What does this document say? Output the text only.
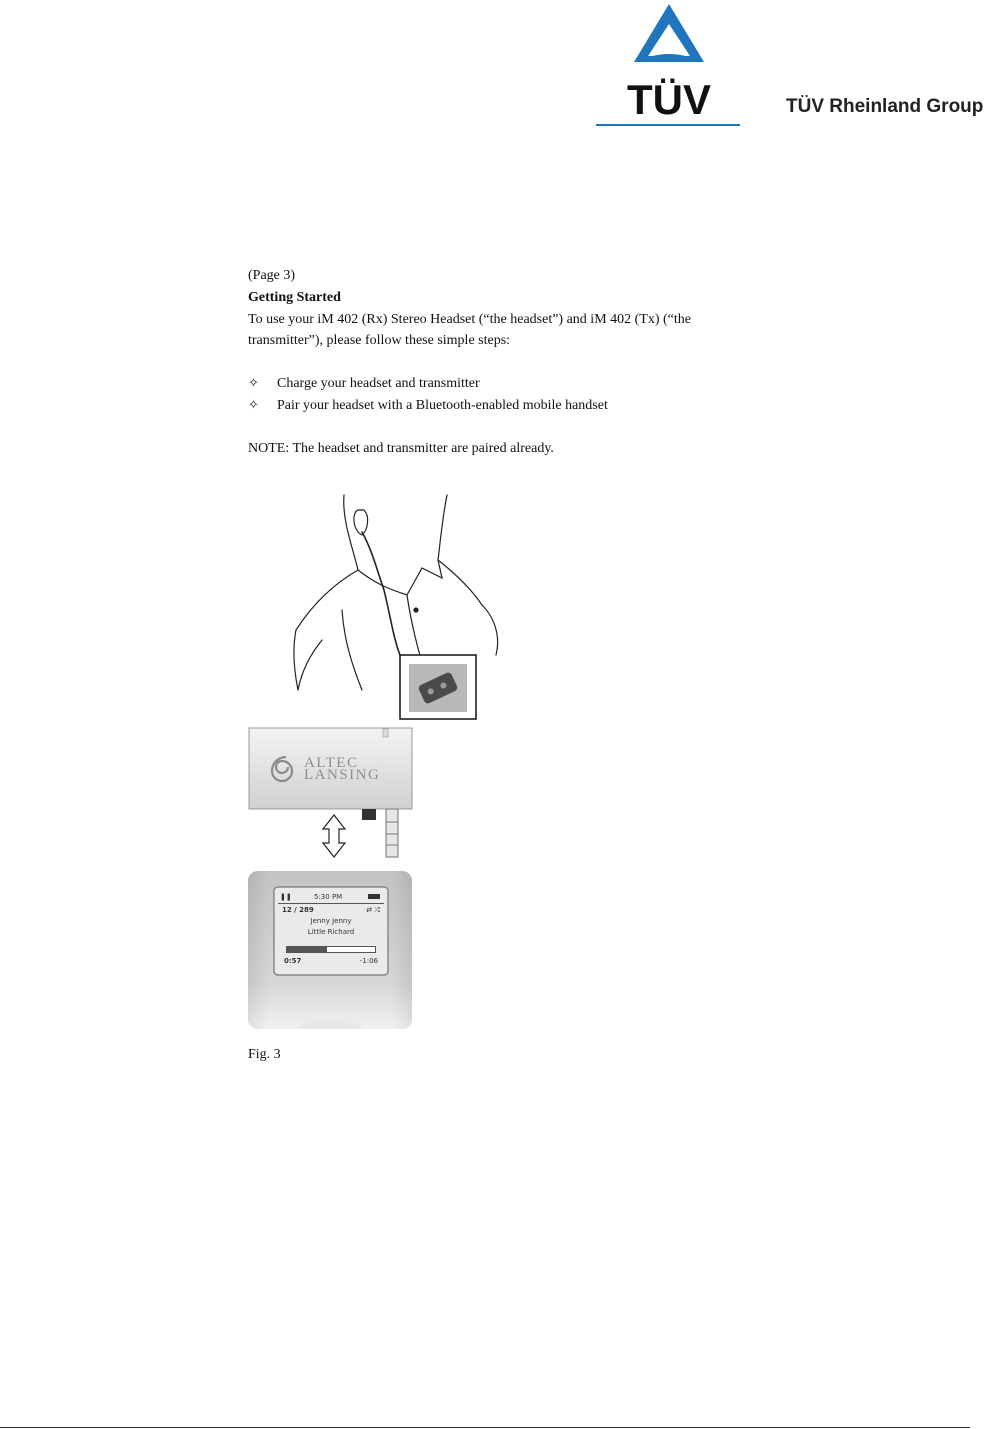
TÜV	TÜV Rheinland Group
(Page 3)
Getting Started
To use your iM 402 (Rx) Stereo Headset (“the headset”) and iM 402 (Tx) (“the
transmitter”), please follow these simple steps:
✧ Charge your headset and transmitter
✧ Pair your headset with a Bluetooth-enabled mobile handset
NOTE: The headset and transmitter are paired already.
ALTEC
LANSING
❚❚	5:30 PM
12 / 289	⇄ ⤮
Jenny Jenny
Little Richard
0:57	-1:06
Fig. 3
